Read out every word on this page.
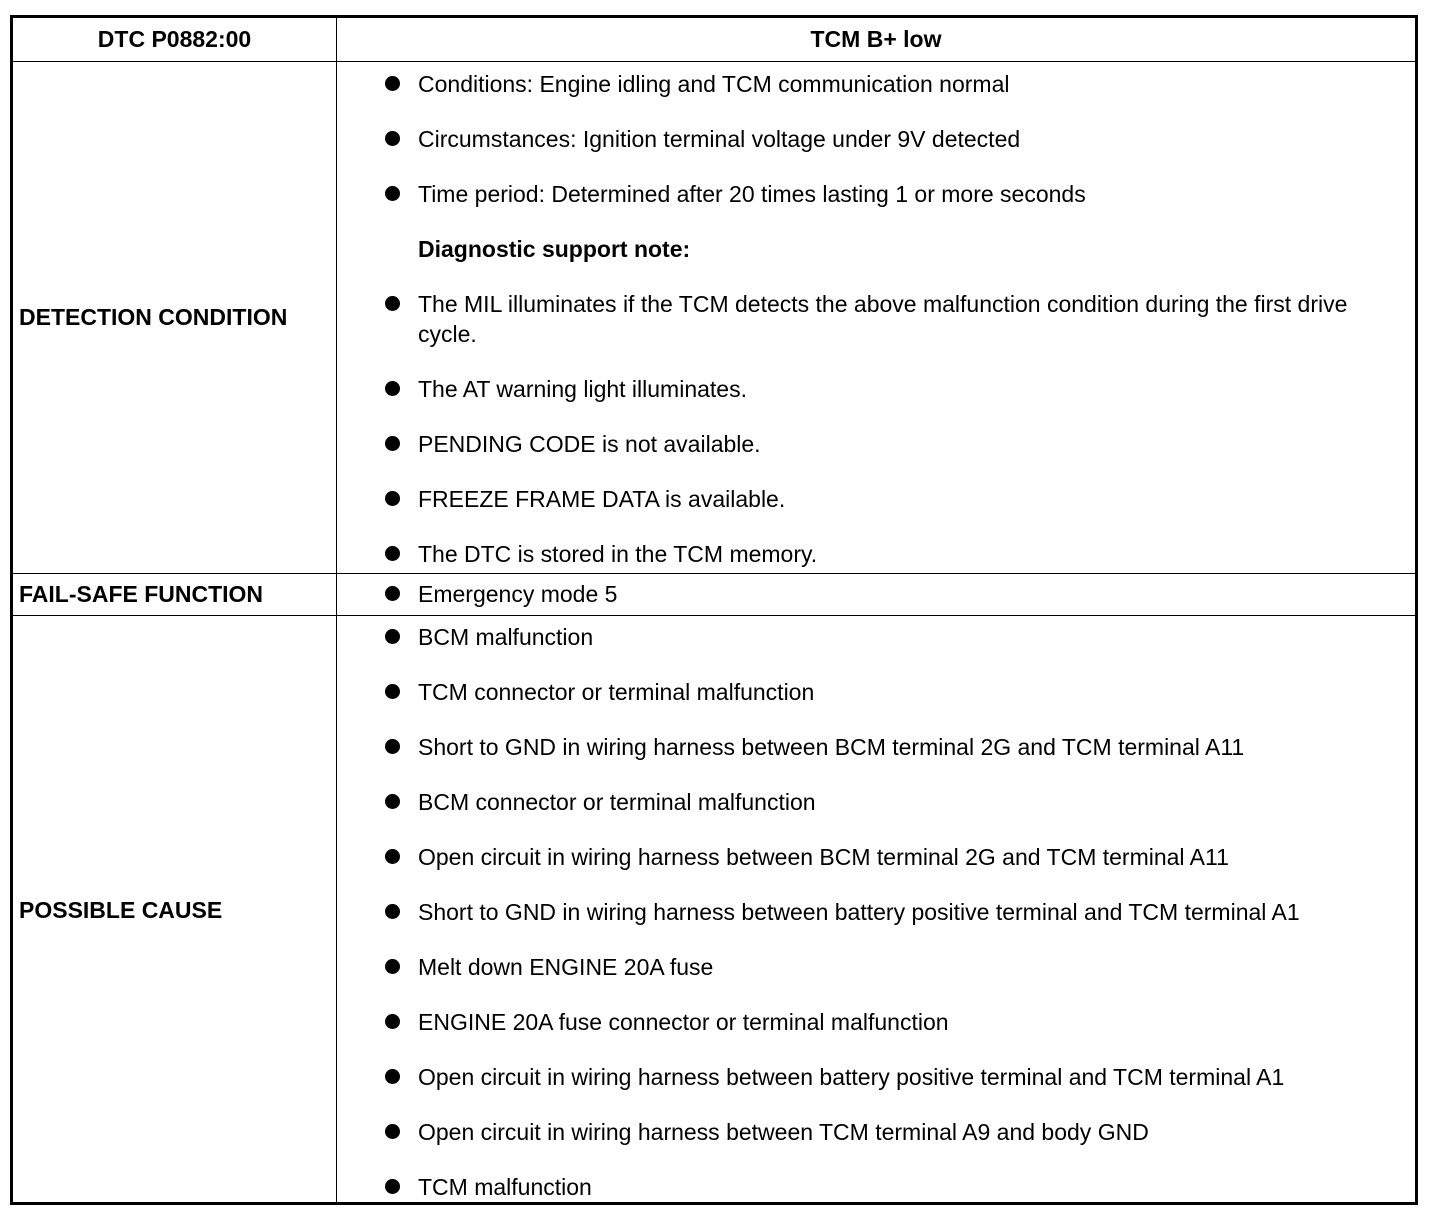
DTC P0882:00	TCM B+ low
DETECTION CONDITION
Conditions: Engine idling and TCM communication normal
Circumstances: Ignition terminal voltage under 9V detected
Time period: Determined after 20 times lasting 1 or more seconds
Diagnostic support note:
The MIL illuminates if the TCM detects the above malfunction condition during the first drive cycle.
The AT warning light illuminates.
PENDING CODE is not available.
FREEZE FRAME DATA is available.
The DTC is stored in the TCM memory.
FAIL-SAFE FUNCTION	Emergency mode 5
POSSIBLE CAUSE
BCM malfunction
TCM connector or terminal malfunction
Short to GND in wiring harness between BCM terminal 2G and TCM terminal A11
BCM connector or terminal malfunction
Open circuit in wiring harness between BCM terminal 2G and TCM terminal A11
Short to GND in wiring harness between battery positive terminal and TCM terminal A1
Melt down ENGINE 20A fuse
ENGINE 20A fuse connector or terminal malfunction
Open circuit in wiring harness between battery positive terminal and TCM terminal A1
Open circuit in wiring harness between TCM terminal A9 and body GND
TCM malfunction
